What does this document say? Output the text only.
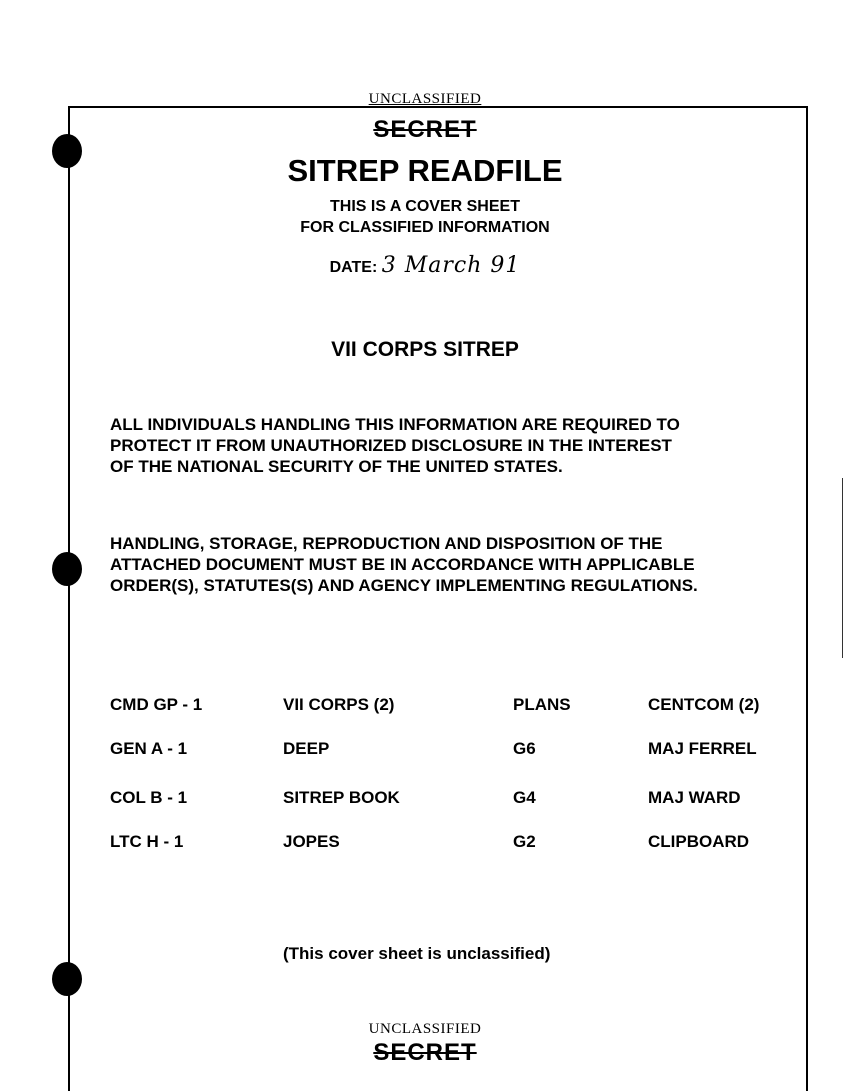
UNCLASSIFIED
SECRET
SITREP READFILE
THIS IS A COVER SHEET
FOR CLASSIFIED INFORMATION
DATE: 3 March 91
VII CORPS SITREP
ALL INDIVIDUALS HANDLING THIS INFORMATION ARE REQUIRED TO
PROTECT IT FROM UNAUTHORIZED DISCLOSURE IN THE INTEREST
OF THE NATIONAL SECURITY OF THE UNITED STATES.
HANDLING, STORAGE, REPRODUCTION AND DISPOSITION OF THE
ATTACHED DOCUMENT MUST BE IN ACCORDANCE WITH APPLICABLE
ORDER(S), STATUTES(S) AND AGENCY IMPLEMENTING REGULATIONS.
CMD GP - 1	VII CORPS (2)	PLANS	CENTCOM (2)
GEN A - 1	DEEP	G6	MAJ FERREL
COL B - 1	SITREP BOOK	G4	MAJ WARD
LTC H - 1	JOPES	G2	CLIPBOARD
(This cover sheet is unclassified)
UNCLASSIFIED
SECRET
